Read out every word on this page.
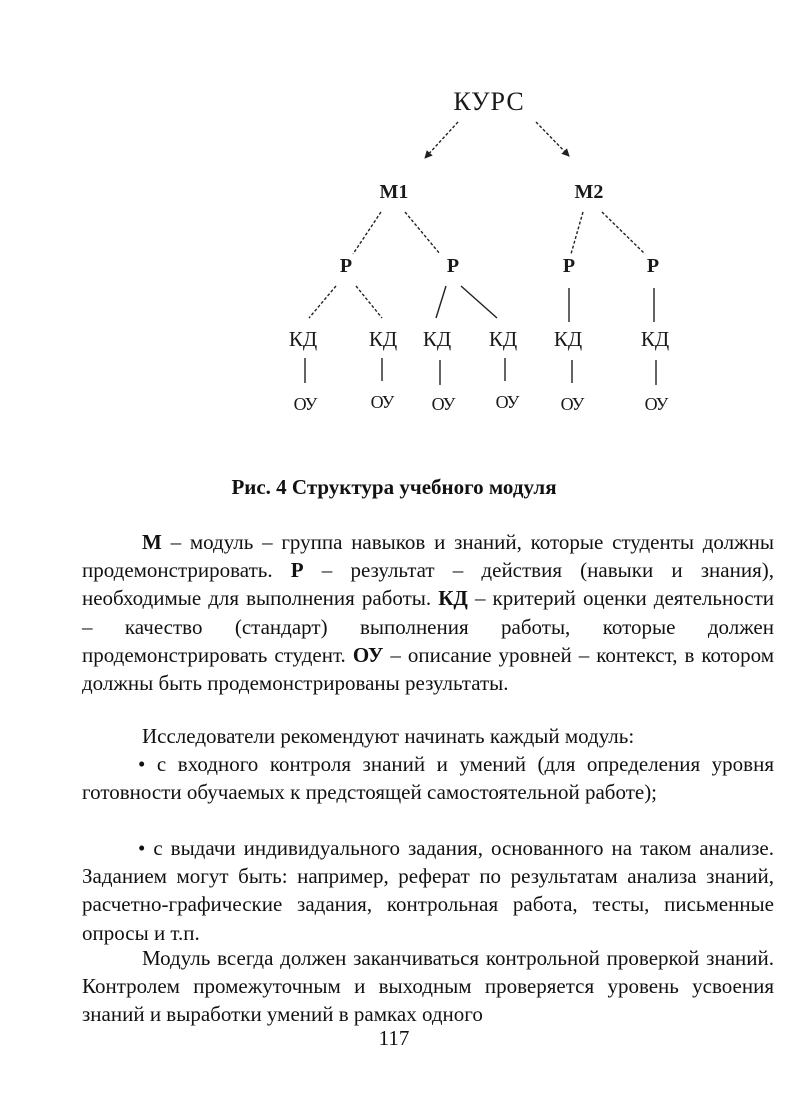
КУРС
М1	М2
Р	Р	Р	Р
КД КД КД КД КД	КД
ОУ	ОУ ОУ ОУ ОУ	ОУ
Рис. 4 Структура учебного модуля

М – модуль – группа навыков и знаний, которые студенты должны продемонстрировать. Р – результат – действия (навыки и знания), необходимые для выполнения работы. КД – критерий оценки деятельности – качество (стандарт) выполнения работы, которые должен продемонстрировать студент. ОУ – описание уровней – контекст, в котором должны быть продемонстрированы результаты.

Исследователи рекомендуют начинать каждый модуль:

• с входного контроля знаний и умений (для определения уровня готовности обучаемых к предстоящей самостоятельной работе);

• с выдачи индивидуального задания, основанного на таком анализе. Заданием могут быть: например, реферат по результатам анализа знаний, расчетно-графические задания, контрольная работа, тесты, письменные опросы и т.п.

Модуль всегда должен заканчиваться контрольной проверкой знаний. Контролем промежуточным и выходным проверяется уровень усвоения знаний и выработки умений в рамках одного

117
